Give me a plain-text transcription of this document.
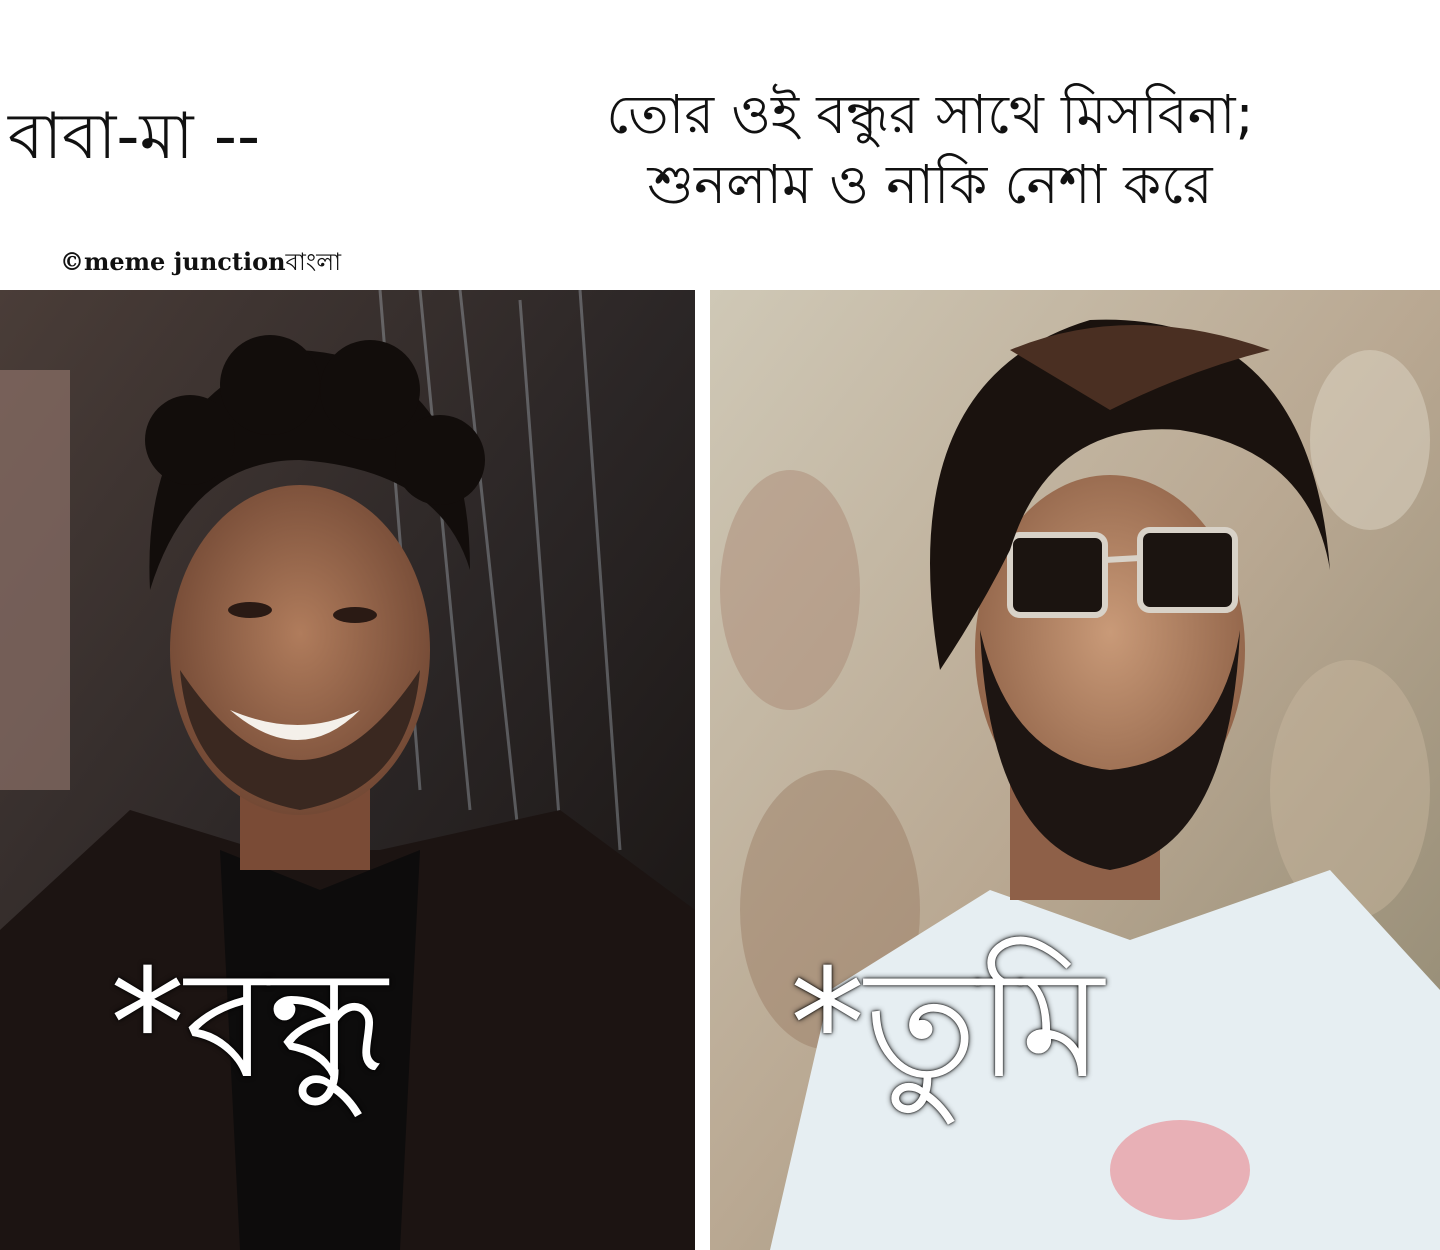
বাবা-মা --	তোর ওই বন্ধুর সাথে মিসবিনা;
শুনলাম ও নাকি নেশা করে
©meme junctionবাংলা
*বন্ধু	*তুমি
